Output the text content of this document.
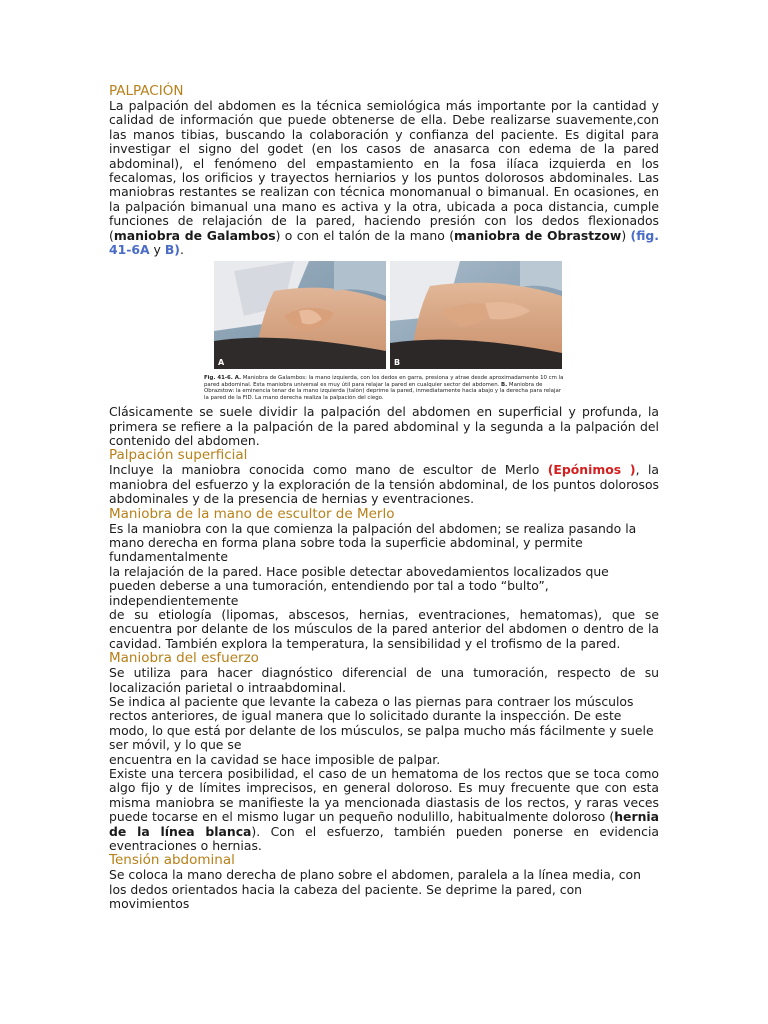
PALPACIÓN

La palpación del abdomen es la técnica semiológica más importante por la cantidad y calidad de información que puede obtenerse de ella. Debe realizarse suavemente,con las manos tibias, buscando la colaboración y confianza del paciente. Es digital para investigar el signo del godet (en los casos de anasarca con edema de la pared abdominal), el fenómeno del empastamiento en la fosa ilíaca izquierda en los fecalomas, los orificios y trayectos herniarios y los puntos dolorosos abdominales. Las maniobras restantes se realizan con técnica monomanual o bimanual. En ocasiones, en la palpación bimanual una mano es activa y la otra, ubicada a poca distancia, cumple funciones de relajación de la pared, haciendo presión con los dedos flexionados (maniobra de Galambos) o con el talón de la mano (maniobra de Obrastzow) (fig. 41-6A y B).

A	B
Fig. 41-6. A. Maniobra de Galambos: la mano izquierda, con los dedos en garra, presiona y atrae desde aproximadamente 10 cm la pared abdominal. Esta maniobra universal es muy útil para relajar la pared en cualquier sector del abdomen. B. Maniobra de Obrazstow: la eminencia tenar de la mano izquierda (talón) deprime la pared, inmediatamente hacia abajo y la derecha para relajar la pared de la FID. La mano derecha realiza la palpación del ciego.

Clásicamente se suele dividir la palpación del abdomen en superficial y profunda, la primera se refiere a la palpación de la pared abdominal y la segunda a la palpación del contenido del abdomen.

Palpación superficial

Incluye la maniobra conocida como mano de escultor de Merlo (Epónimos ), la maniobra del esfuerzo y la exploración de la tensión abdominal, de los puntos dolorosos abdominales y de la presencia de hernias y eventraciones.

Maniobra de la mano de escultor de Merlo

Es la maniobra con la que comienza la palpación del abdomen; se realiza pasando la mano derecha en forma plana sobre toda la superficie abdominal, y permite fundamentalmente

la relajación de la pared. Hace posible detectar abovedamientos localizados que pueden deberse a una tumoración, entendiendo por tal a todo “bulto”, independientemente

de su etiología (lipomas, abscesos, hernias, eventraciones, hematomas), que se encuentra por delante de los músculos de la pared anterior del abdomen o dentro de la cavidad. También explora la temperatura, la sensibilidad y el trofismo de la pared.

Maniobra del esfuerzo

Se utiliza para hacer diagnóstico diferencial de una tumoración, respecto de su localización parietal o intraabdominal.

Se indica al paciente que levante la cabeza o las piernas para contraer los músculos rectos anteriores, de igual manera que lo solicitado durante la inspección. De este modo, lo que está por delante de los músculos, se palpa mucho más fácilmente y suele ser móvil, y lo que se

encuentra en la cavidad se hace imposible de palpar.

Existe una tercera posibilidad, el caso de un hematoma de los rectos que se toca como algo fijo y de límites imprecisos, en general doloroso. Es muy frecuente que con esta misma maniobra se manifieste la ya mencionada diastasis de los rectos, y raras veces puede tocarse en el mismo lugar un pequeño nodulillo, habitualmente doloroso (hernia de la línea blanca). Con el esfuerzo, también pueden ponerse en evidencia eventraciones o hernias.

Tensión abdominal

Se coloca la mano derecha de plano sobre el abdomen, paralela a la línea media, con los dedos orientados hacia la cabeza del paciente. Se deprime la pared, con movimientos
